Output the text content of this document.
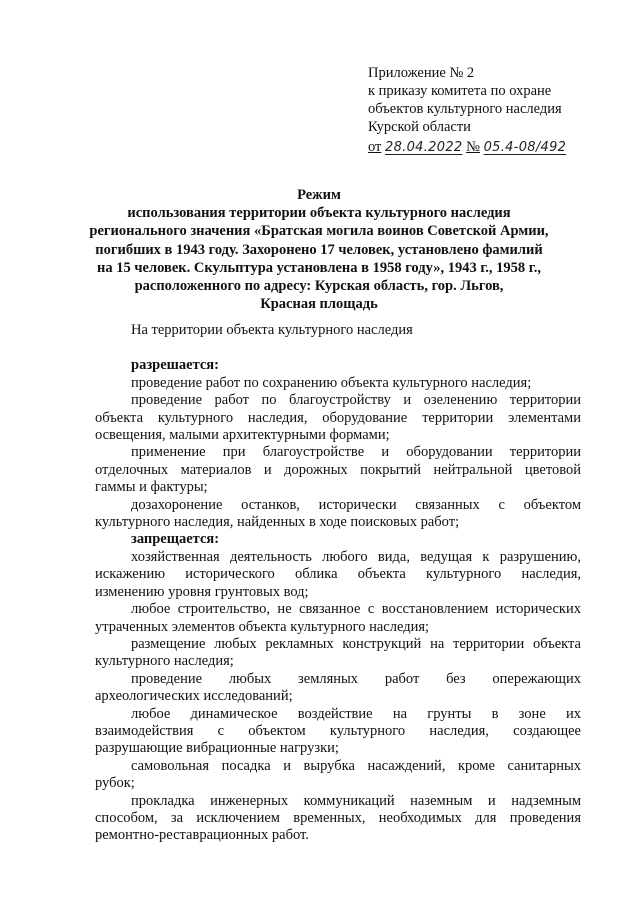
Приложение № 2
к приказу комитета по охране
объектов культурного наследия
Курской области
от 28.04.2022 № 05.4-08/492
Режим
использования территории объекта культурного наследия
регионального значения «Братская могила воинов Советской Армии,
погибших в 1943 году. Захоронено 17 человек, установлено фамилий
на 15 человек. Скульптура установлена в 1958 году», 1943 г., 1958 г.,
расположенного по адресу: Курская область, гор. Льгов,
Красная площадь

На территории объекта культурного наследия

разрешается:

проведение работ по сохранению объекта культурного наследия;
проведение работ по благоустройству и озеленению территории
объекта культурного наследия, оборудование территории элементами
освещения, малыми архитектурными формами;
применение при благоустройстве и оборудовании территории
отделочных материалов и дорожных покрытий нейтральной цветовой
гаммы и фактуры;
дозахоронение останков, исторически связанных с объектом
культурного наследия, найденных в ходе поисковых работ;

запрещается:

хозяйственная деятельность любого вида, ведущая к разрушению,
искажению исторического облика объекта культурного наследия,
изменению уровня грунтовых вод;
любое строительство, не связанное с восстановлением исторических
утраченных элементов объекта культурного наследия;
размещение любых рекламных конструкций на территории объекта
культурного наследия;
проведение любых земляных работ без опережающих
археологических исследований;
любое динамическое воздействие на грунты в зоне их
взаимодействия с объектом культурного наследия, создающее
разрушающие вибрационные нагрузки;
самовольная посадка и вырубка насаждений, кроме санитарных
рубок;
прокладка инженерных коммуникаций наземным и надземным
способом, за исключением временных, необходимых для проведения
ремонтно-реставрационных работ.
